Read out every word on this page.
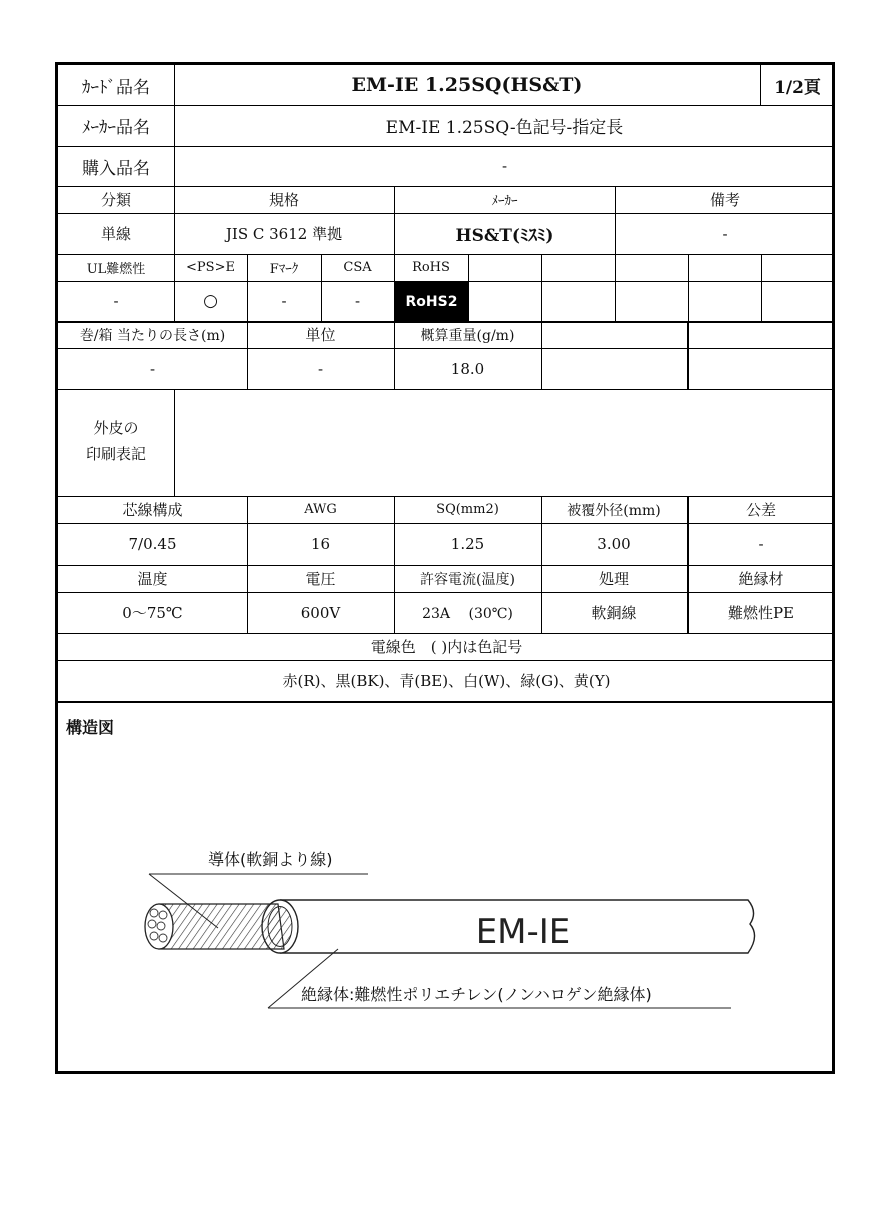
ｶｰﾄﾞ品名	EM-IE 1.25SQ(HS&T)	1/2頁
ﾒｰｶｰ品名	EM-IE 1.25SQ-色記号-指定長
購入品名	-
分類	規格	ﾒｰｶｰ	備考
単線	JIS C 3612 準拠	HS&T(ﾐｽﾐ)	-
UL難燃性	<PS>E	Fﾏｰｸ	CSA	RoHS
-	○	-	-	RoHS2
巻/箱 当たりの長さ(m)	単位	概算重量(g/m)
-	-	18.0
外皮の
印刷表記
芯線構成	AWG	SQ(mm2)	被覆外径(mm)	公差
7/0.45	16	1.25	3.00	-
温度	電圧	許容電流(温度)	処理	絶縁材
0～75℃	600V	23A　 (30℃)	軟銅線	難燃性PE
電線色　( )内は色記号
赤(R)、黒(BK)、青(BE)、白(W)、緑(G)、黄(Y)
構造図
EM-IE
導体(軟銅より線)
絶縁体:難燃性ポリエチレン(ノンハロゲン絶縁体)
